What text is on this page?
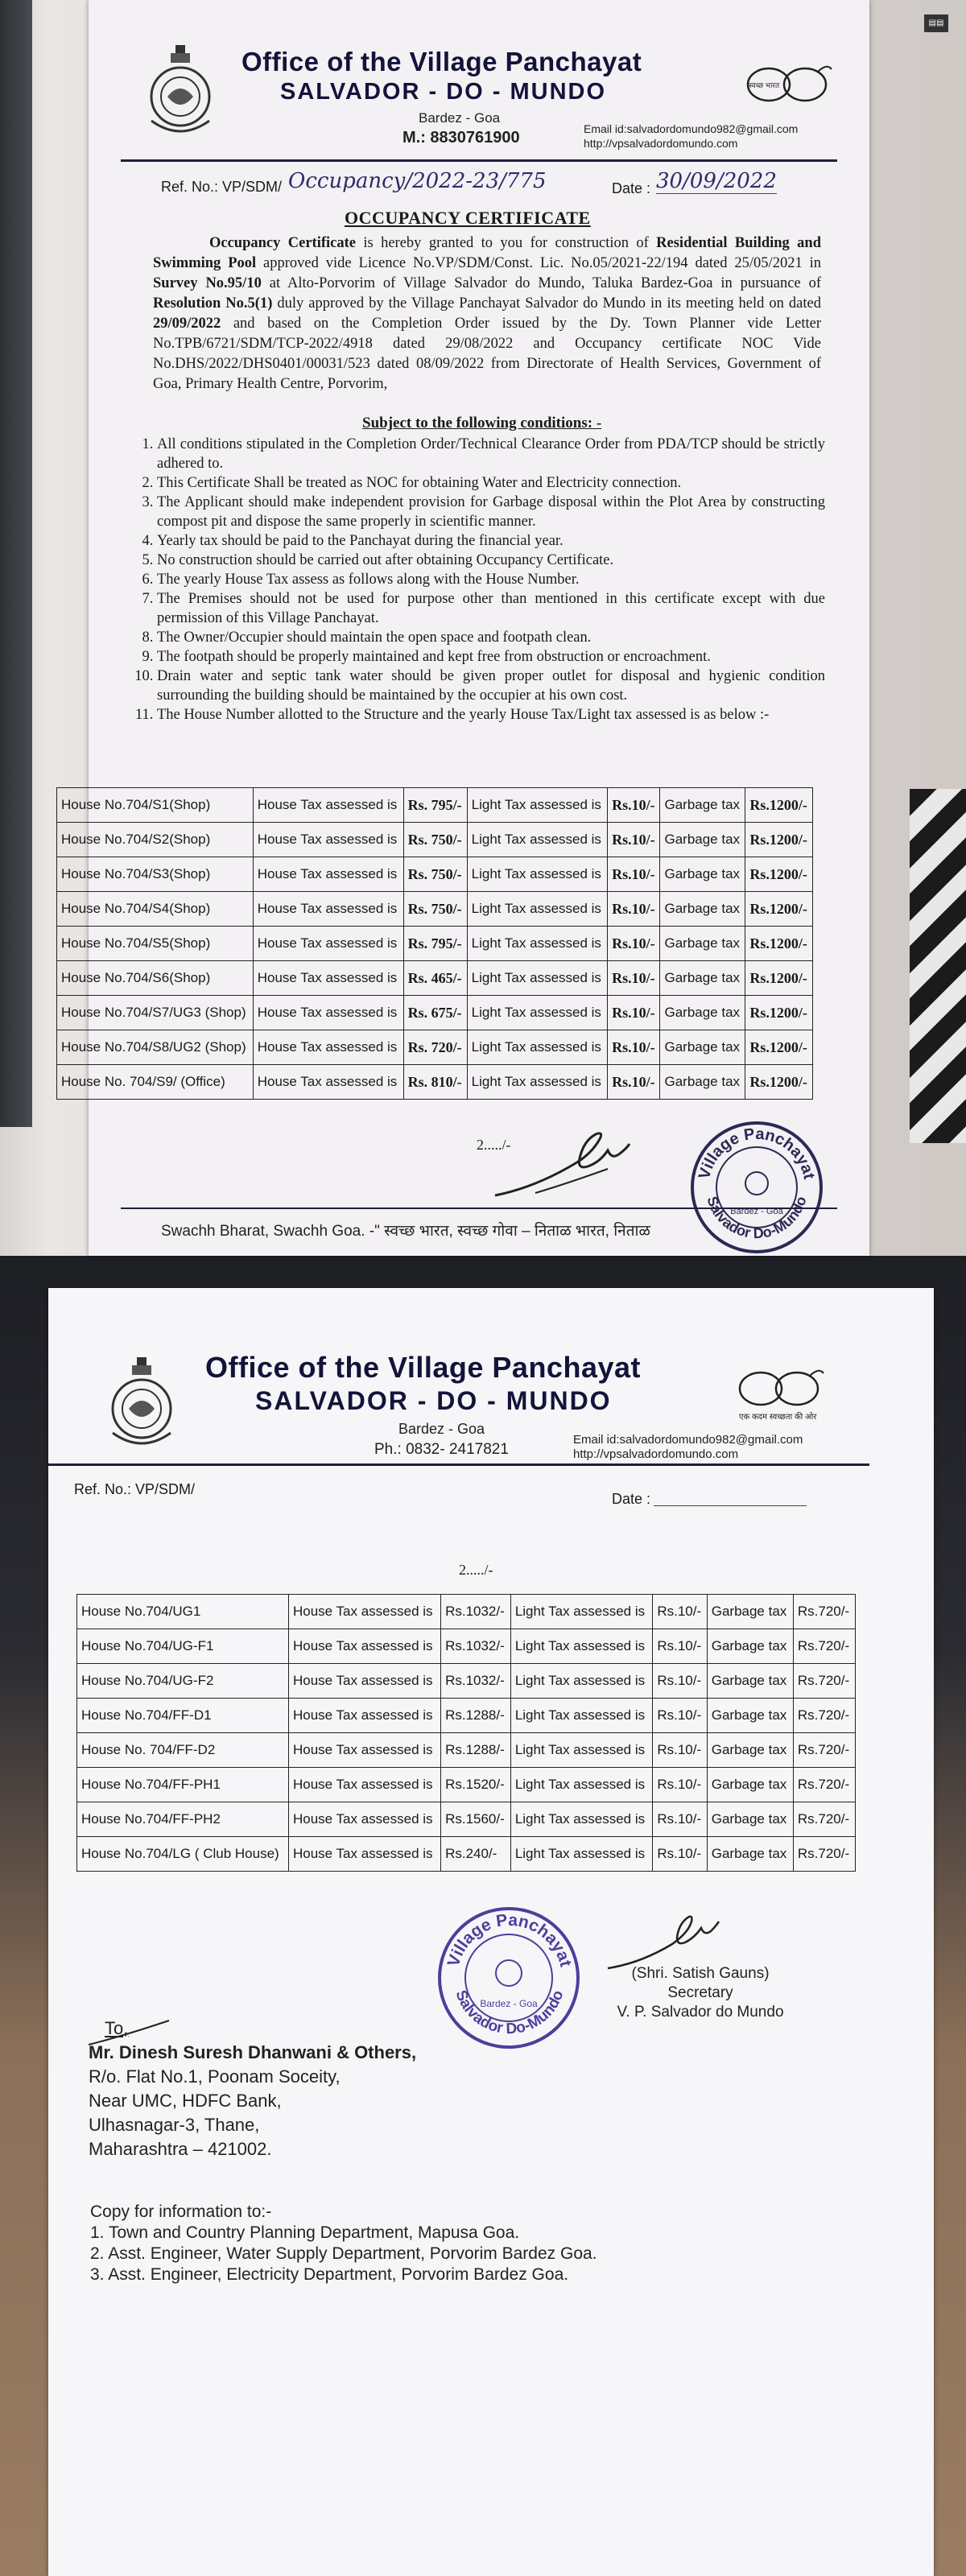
▤▤
Office of the Village Panchayat
SALVADOR - DO - MUNDO
Bardez - Goa
M.: 8830761900	Email id:salvadordomundo982@gmail.com
http://vpsalvadordomundo.com
स्वच्छ भारत
Ref. No.: VP/SDM/ Occupancy/2022-23/775	Date : 30/09/2022
OCCUPANCY CERTIFICATE
Occupancy Certificate is hereby granted to you for construction of Residential Building and Swimming Pool approved vide Licence No.VP/SDM/Const. Lic. No.05/2021-22/194 dated 25/05/2021 in Survey No.95/10 at Alto-Porvorim of Village Salvador do Mundo, Taluka Bardez-Goa in pursuance of Resolution No.5(1) duly approved by the Village Panchayat Salvador do Mundo in its meeting held on dated 29/09/2022 and based on the Completion Order issued by the Dy. Town Planner vide Letter No.TPB/6721/SDM/TCP-2022/4918 dated 29/08/2022 and Occupancy certificate NOC Vide No.DHS/2022/DHS0401/00031/523 dated 08/09/2022 from Directorate of Health Services, Government of Goa, Primary Health Centre, Porvorim,
Subject to the following conditions: -
1. All conditions stipulated in the Completion Order/Technical Clearance Order from PDA/TCP should be strictly adhered to.
2. This Certificate Shall be treated as NOC for obtaining Water and Electricity connection.
3. The Applicant should make independent provision for Garbage disposal within the Plot Area by constructing compost pit and dispose the same properly in scientific manner.
4. Yearly tax should be paid to the Panchayat during the financial year.
5. No construction should be carried out after obtaining Occupancy Certificate.
6. The yearly House Tax assess as follows along with the House Number.
7. The Premises should not be used for purpose other than mentioned in this certificate except with due permission of this Village Panchayat.
8. The Owner/Occupier should maintain the open space and footpath clean.
9. The footpath should be properly maintained and kept free from obstruction or encroachment.
10. Drain water and septic tank water should be given proper outlet for disposal and hygienic condition surrounding the building should be maintained by the occupier at his own cost.
11. The House Number allotted to the Structure and the yearly House Tax/Light tax assessed is as below :-
House No.704/S1(Shop)	House Tax assessed is	Rs. 795/-	Light Tax assessed is	Rs.10/-	Garbage tax	Rs.1200/-
House No.704/S2(Shop)	House Tax assessed is	Rs. 750/-	Light Tax assessed is	Rs.10/-	Garbage tax	Rs.1200/-
House No.704/S3(Shop)	House Tax assessed is	Rs. 750/-	Light Tax assessed is	Rs.10/-	Garbage tax	Rs.1200/-
House No.704/S4(Shop)	House Tax assessed is	Rs. 750/-	Light Tax assessed is	Rs.10/-	Garbage tax	Rs.1200/-
House No.704/S5(Shop)	House Tax assessed is	Rs. 795/-	Light Tax assessed is	Rs.10/-	Garbage tax	Rs.1200/-
House No.704/S6(Shop)	House Tax assessed is	Rs. 465/-	Light Tax assessed is	Rs.10/-	Garbage tax	Rs.1200/-
House No.704/S7/UG3 (Shop)	House Tax assessed is	Rs. 675/-	Light Tax assessed is	Rs.10/-	Garbage tax	Rs.1200/-
House No.704/S8/UG2 (Shop)	House Tax assessed is	Rs. 720/-	Light Tax assessed is	Rs.10/-	Garbage tax	Rs.1200/-
House No. 704/S9/ (Office)	House Tax assessed is	Rs. 810/-	Light Tax assessed is	Rs.10/-	Garbage tax	Rs.1200/-
2...../-
Village Panchayat
Salvador Do-Mundo
Bardez - Goa
Swachh Bharat, Swachh Goa. -" स्वच्छ भारत, स्वच्छ गोवा – निताळ भारत, निताळ
Office of the Village Panchayat
SALVADOR - DO - MUNDO
Bardez - Goa
Ph.: 0832- 2417821
Email id:salvadordomundo982@gmail.com
http://vpsalvadordomundo.com
एक कदम स्वच्छता की ओर
Ref. No.: VP/SDM/
Date :
2...../-
House No.704/UG1	House Tax assessed is	Rs.1032/-	Light Tax assessed is	Rs.10/-	Garbage tax	Rs.720/-
House No.704/UG-F1	House Tax assessed is	Rs.1032/-	Light Tax assessed is	Rs.10/-	Garbage tax	Rs.720/-
House No.704/UG-F2	House Tax assessed is	Rs.1032/-	Light Tax assessed is	Rs.10/-	Garbage tax	Rs.720/-
House No.704/FF-D1	House Tax assessed is	Rs.1288/-	Light Tax assessed is	Rs.10/-	Garbage tax	Rs.720/-
House No. 704/FF-D2	House Tax assessed is	Rs.1288/-	Light Tax assessed is	Rs.10/-	Garbage tax	Rs.720/-
House No.704/FF-PH1	House Tax assessed is	Rs.1520/-	Light Tax assessed is	Rs.10/-	Garbage tax	Rs.720/-
House No.704/FF-PH2	House Tax assessed is	Rs.1560/-	Light Tax assessed is	Rs.10/-	Garbage tax	Rs.720/-
House No.704/LG ( Club House)	House Tax assessed is	Rs.240/-	Light Tax assessed is	Rs.10/-	Garbage tax	Rs.720/-
Village Panchayat
Salvador Do-Mundo
Bardez - Goa
(Shri. Satish Gauns)
Secretary
V. P. Salvador do Mundo
To,
Mr. Dinesh Suresh Dhanwani & Others,
R/o. Flat No.1, Poonam Soceity,
Near UMC, HDFC Bank,
Ulhasnagar-3, Thane,
Maharashtra – 421002.
Copy for information to:-
1. Town and Country Planning Department, Mapusa Goa.
2. Asst. Engineer, Water Supply Department, Porvorim Bardez Goa.
3. Asst. Engineer, Electricity Department, Porvorim Bardez Goa.
